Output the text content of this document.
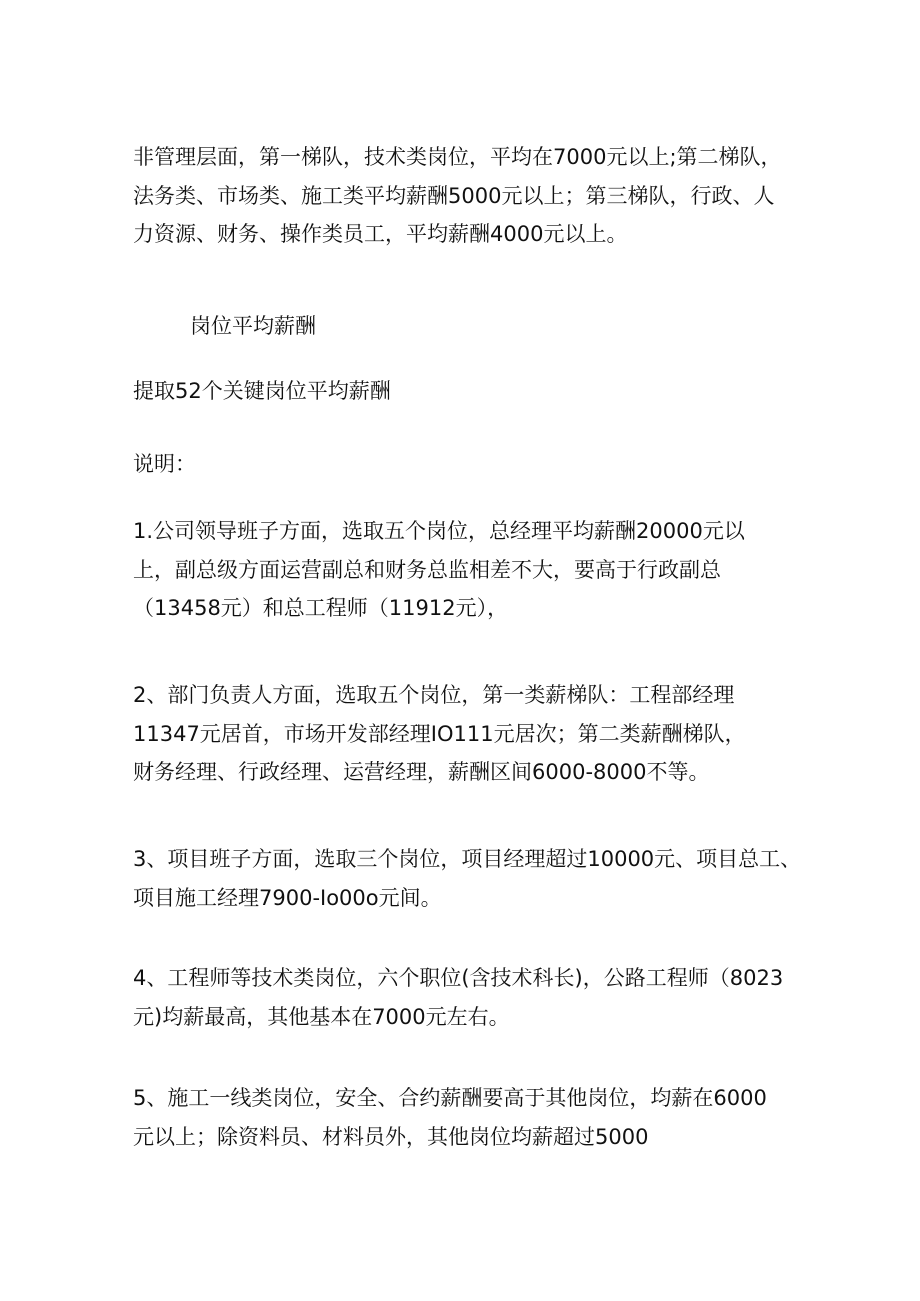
非管理层面，第一梯队，技术类岗位，平均在7000元以上;第二梯队，
法务类、市场类、施工类平均薪酬5000元以上；第三梯队，行政、人
力资源、财务、操作类员工，平均薪酬4000元以上。

岗位平均薪酬

提取52个关键岗位平均薪酬

说明：

1.公司领导班子方面，选取五个岗位，总经理平均薪酬20000元以
上，副总级方面运营副总和财务总监相差不大，要高于行政副总
（13458元）和总工程师（11912元），

2、部门负责人方面，选取五个岗位，第一类薪梯队：工程部经理
11347元居首，市场开发部经理IO111元居次；第二类薪酬梯队，
财务经理、行政经理、运营经理，薪酬区间6000-8000不等。

3、项目班子方面，选取三个岗位，项目经理超过10000元、项目总工、
项目施工经理7900-Io00o元间。

4、工程师等技术类岗位，六个职位(含技术科长)，公路工程师（8023
元)均薪最高，其他基本在7000元左右。

5、施工一线类岗位，安全、合约薪酬要高于其他岗位，均薪在6000
元以上；除资料员、材料员外，其他岗位均薪超过5000
